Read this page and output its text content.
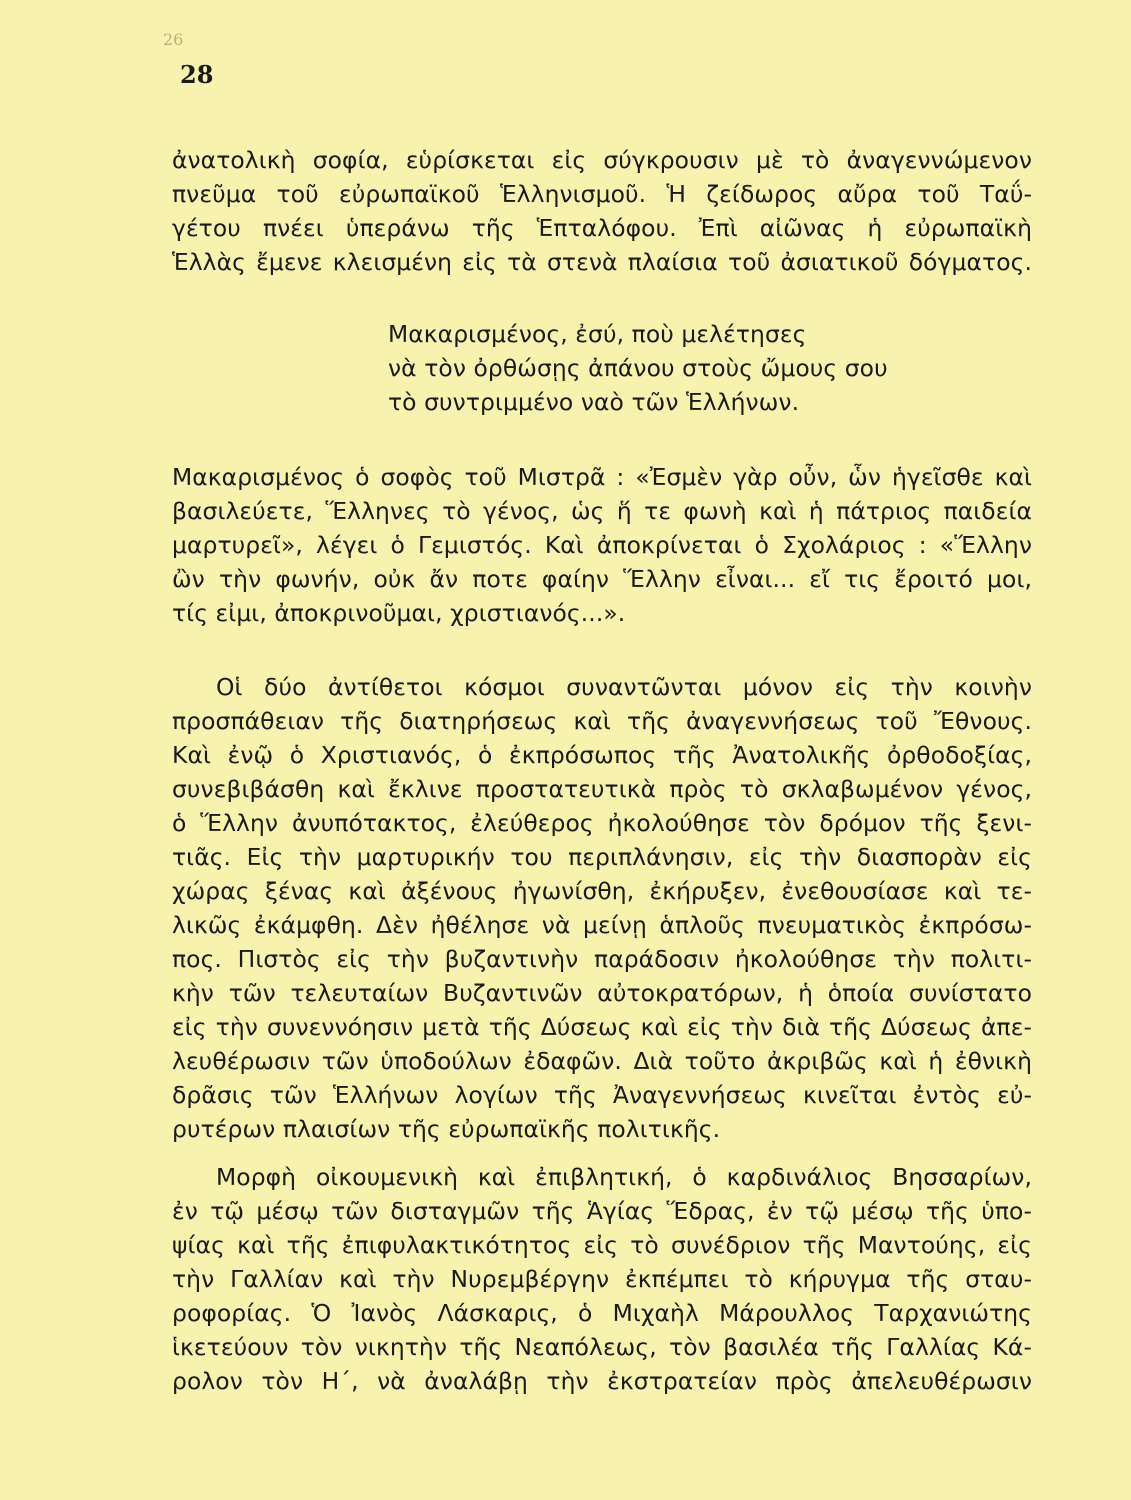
26
28
ἀνατολικὴ σοφία, εὑρίσκεται εἰς σύγκρουσιν μὲ τὸ ἀναγεννώμενον
πνεῦμα τοῦ εὐρωπαϊκοῦ Ἑλληνισμοῦ. Ἡ ζείδωρος αὔρα τοῦ Ταΰ-
γέτου πνέει ὑπεράνω τῆς Ἑπταλόφου. Ἐπὶ αἰῶνας ἡ εὐρωπαϊκὴ
Ἑλλὰς ἔμενε κλεισμένη εἰς τὰ στενὰ πλαίσια τοῦ ἀσιατικοῦ δόγματος.
Μακαρισμένος, ἐσύ, ποὺ μελέτησες
νὰ τὸν ὀρθώσῃς ἀπάνου στοὺς ὤμους σου
τὸ συντριμμένο ναὸ τῶν Ἑλλήνων.
Μακαρισμένος ὁ σοφὸς τοῦ Μιστρᾶ : «Ἐσμὲν γὰρ οὖν, ὧν ἡγεῖσθε καὶ
βασιλεύετε, Ἕλληνες τὸ γένος, ὡς ἥ τε φωνὴ καὶ ἡ πάτριος παιδεία
μαρτυρεῖ», λέγει ὁ Γεμιστός. Καὶ ἀποκρίνεται ὁ Σχολάριος : «Ἕλλην
ὢν τὴν φωνήν, οὐκ ἄν ποτε φαίην Ἕλλην εἶναι... εἴ τις ἔροιτό μοι,
τίς εἰμι, ἀποκρινοῦμαι, χριστιανός...».
Οἱ δύο ἀντίθετοι κόσμοι συναντῶνται μόνον εἰς τὴν κοινὴν
προσπάθειαν τῆς διατηρήσεως καὶ τῆς ἀναγεννήσεως τοῦ Ἔθνους.
Καὶ ἐνῷ ὁ Χριστιανός, ὁ ἐκπρόσωπος τῆς Ἀνατολικῆς ὀρθοδοξίας,
συνεβιβάσθη καὶ ἔκλινε προστατευτικὰ πρὸς τὸ σκλαβωμένον γένος,
ὁ Ἕλλην ἀνυπότακτος, ἐλεύθερος ἠκολούθησε τὸν δρόμον τῆς ξενι-
τιᾶς. Εἰς τὴν μαρτυρικήν του περιπλάνησιν, εἰς τὴν διασπορὰν εἰς
χώρας ξένας καὶ ἀξένους ἠγωνίσθη, ἐκήρυξεν, ἐνεθουσίασε καὶ τε-
λικῶς ἐκάμφθη. Δὲν ἠθέλησε νὰ μείνῃ ἁπλοῦς πνευματικὸς ἐκπρόσω-
πος. Πιστὸς εἰς τὴν βυζαντινὴν παράδοσιν ἠκολούθησε τὴν πολιτι-
κὴν τῶν τελευταίων Βυζαντινῶν αὐτοκρατόρων, ἡ ὁποία συνίστατο
εἰς τὴν συνεννόησιν μετὰ τῆς Δύσεως καὶ εἰς τὴν διὰ τῆς Δύσεως ἀπε-
λευθέρωσιν τῶν ὑποδούλων ἐδαφῶν. Διὰ τοῦτο ἀκριβῶς καὶ ἡ ἐθνικὴ
δρᾶσις τῶν Ἑλλήνων λογίων τῆς Ἀναγεννήσεως κινεῖται ἐντὸς εὐ-
ρυτέρων πλαισίων τῆς εὐρωπαϊκῆς πολιτικῆς.
Μορφὴ οἰκουμενικὴ καὶ ἐπιβλητική, ὁ καρδινάλιος Βησσαρίων,
ἐν τῷ μέσῳ τῶν δισταγμῶν τῆς Ἁγίας Ἕδρας, ἐν τῷ μέσῳ τῆς ὑπο-
ψίας καὶ τῆς ἐπιφυλακτικότητος εἰς τὸ συνέδριον τῆς Μαντούης, εἰς
τὴν Γαλλίαν καὶ τὴν Νυρεμβέργην ἐκπέμπει τὸ κήρυγμα τῆς σταυ-
ροφορίας. Ὁ Ἰανὸς Λάσκαρις, ὁ Μιχαὴλ Μάρουλλος Ταρχανιώτης
ἱκετεύουν τὸν νικητὴν τῆς Νεαπόλεως, τὸν βασιλέα τῆς Γαλλίας Κά-
ρολον τὸν Η΄, νὰ ἀναλάβῃ τὴν ἐκστρατείαν πρὸς ἀπελευθέρωσιν
